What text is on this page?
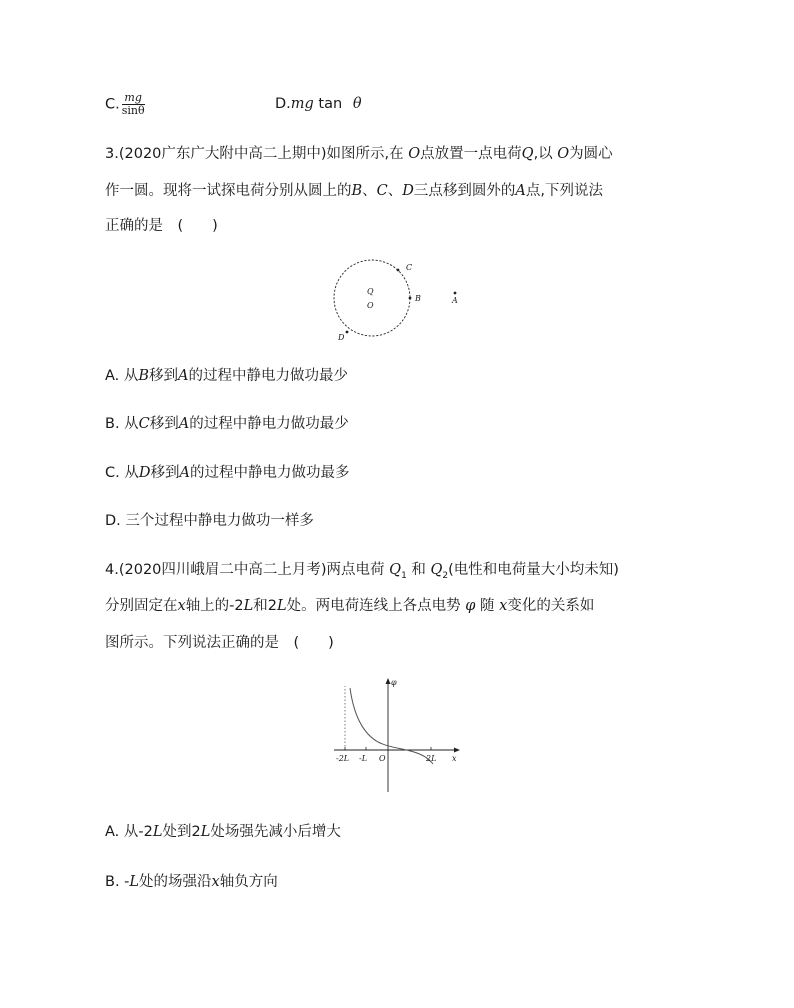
C. $\frac{mg}{\sin\theta}$	D.mg tan θ
3.(2020广东广大附中高二上期中)如图所示,在 O点放置一点电荷Q,以 O为圆心
作一圆。现将一试探电荷分别从圆上的B、C、D三点移到圆外的A点,下列说法
正确的是　(　　)
Q
O
C
B	A
D
A. 从B移到A的过程中静电力做功最少
B. 从C移到A的过程中静电力做功最少
C. 从D移到A的过程中静电力做功最多
D. 三个过程中静电力做功一样多
4.(2020四川峨眉二中高二上月考)两点电荷 $Q_1$ 和 $Q_2$(电性和电荷量大小均未知)
分别固定在x轴上的-2L和2L处。两电荷连线上各点电势 φ 随 x变化的关系如
图所示。下列说法正确的是　(　　)
φ
x
-2L -L O	2L
A. 从-2L处到2L处场强先减小后增大
B. -L处的场强沿x轴负方向
